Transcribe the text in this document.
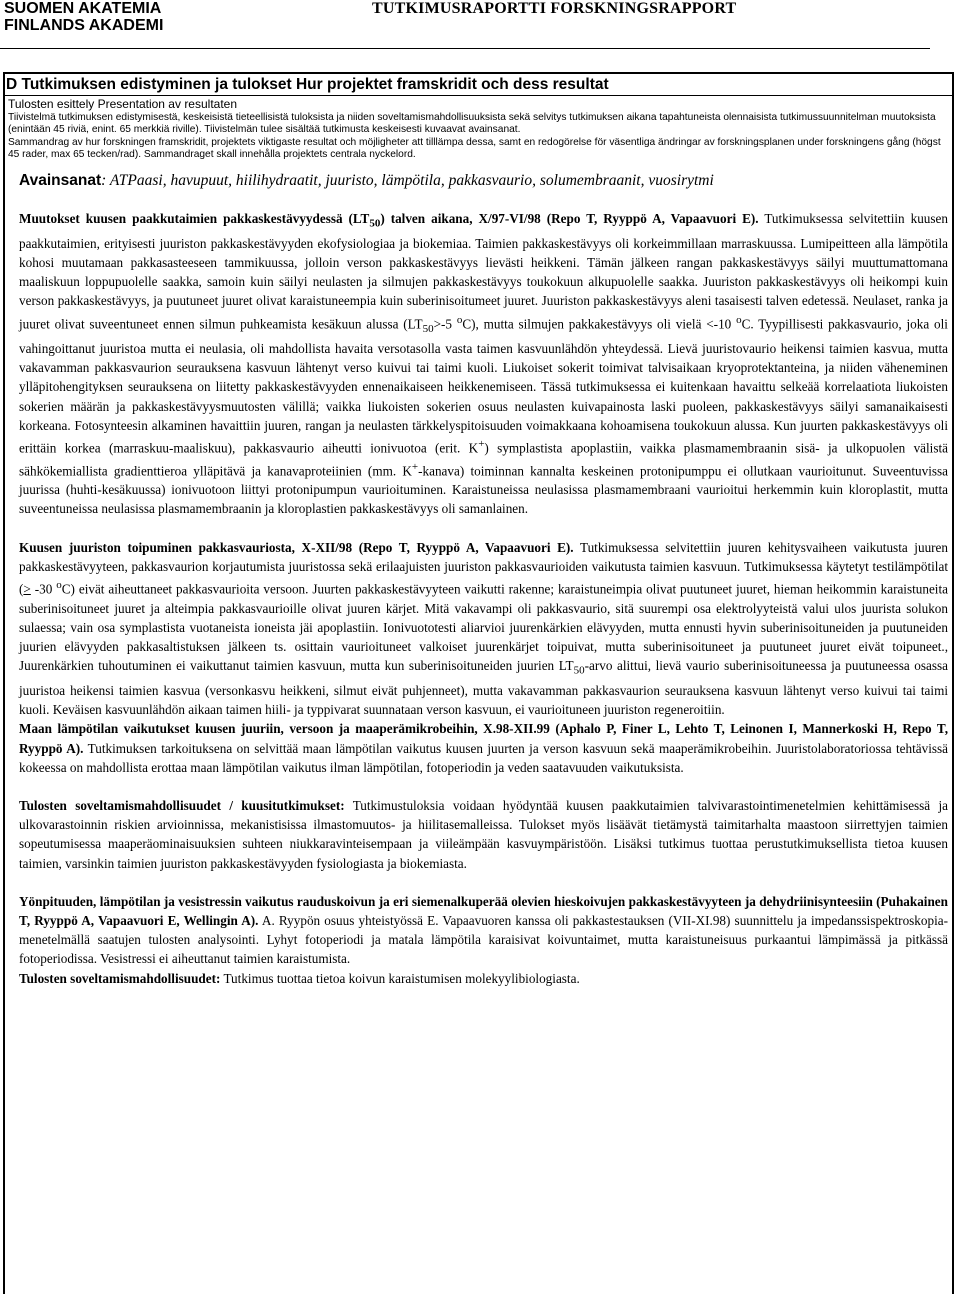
SUOMEN AKATEMIA
FINLANDS AKADEMI
TUTKIMUSRAPORTTI FORSKNINGSRAPPORT
D Tutkimuksen edistyminen ja tulokset Hur projektet framskridit och dess resultat

Tulosten esittely Presentation av resultaten

Tiivistelmä tutkimuksen edistymisestä, keskeisistä tieteellisistä tuloksista ja niiden soveltamismahdollisuuksista sekä selvitys tutkimuksen aikana tapahtuneista olennaisista tutkimussuunnitelman muutoksista (enintään 45 riviä, enint. 65 merkkiä riville). Tiivistelmän tulee sisältää tutkimusta keskeisesti kuvaavat avainsanat.

Sammandrag av hur forskningen framskridit, projektets viktigaste resultat och möjligheter att tilllämpa dessa, samt en redogörelse för väsentliga ändringar av forskningsplanen under forskningens gång (högst 45 rader, max 65 tecken/rad). Sammandraget skall innehålla projektets centrala nyckelord.

Avainsanat: ATPaasi, havupuut, hiilihydraatit, juuristo, lämpötila, pakkasvaurio, solumembraanit, vuosirytmi

Muutokset kuusen paakkutaimien pakkaskestävyydessä $(LT_{50})$ talven aikana, X/97-VI/98 (Repo T, Ryyppö A, Vapaavuori E). Tutkimuksessa selvitettiin kuusen paakkutaimien, erityisesti juuriston pakkaskestävyyden ekofysiologiaa ja biokemiaa. Taimien pakkaskestävyys oli korkeimmillaan marraskuussa. Lumipeitteen alla lämpötila kohosi muutamaan pakkasasteeseen tammikuussa, jolloin verson pakkaskestävyys lievästi heikkeni. Tämän jälkeen rangan pakkaskestävyys säilyi muuttumattomana maaliskuun loppupuolelle saakka, samoin kuin säilyi neulasten ja silmujen pakkaskestävyys toukokuun alkupuolelle saakka. Juuriston pakkaskestävyys oli heikompi kuin verson pakkaskestävyys, ja puutuneet juuret olivat karaistuneempia kuin suberinisoitumeet juuret. Juuriston pakkaskestävyys aleni tasaisesti talven edetessä. Neulaset, ranka ja juuret olivat suveentuneet ennen silmun puhkeamista kesäkuun alussa ($LT_{50}>-5$ $^o$C), mutta silmujen pakkakestävyys oli vielä <-10 $^o$C. Tyypillisesti pakkasvaurio, joka oli vahingoittanut juuristoa mutta ei neulasia, oli mahdollista havaita versotasolla vasta taimen kasvuunlähdön yhteydessä. Lievä juuristovaurio heikensi taimien kasvua, mutta vakavamman pakkasvaurion seurauksena kasvuun lähtenyt verso kuivui tai taimi kuoli. Liukoiset sokerit toimivat talvisaikaan kryoprotektanteina, ja niiden väheneminen ylläpitohengityksen seurauksena on liitetty pakkaskestävyyden ennenaikaiseen heikkenemiseen. Tässä tutkimuksessa ei kuitenkaan havaittu selkeää korrelaatiota liukoisten sokerien määrän ja pakkaskestävyysmuutosten välillä; vaikka liukoisten sokerien osuus neulasten kuivapainosta laski puoleen, pakkaskestävyys säilyi samanaikaisesti korkeana. Fotosynteesin alkaminen havaittiin juuren, rangan ja neulasten tärkkelyspitoisuuden voimakkaana kohoamisena toukokuun alussa. Kun juurten pakkaskestävyys oli erittäin korkea (marraskuu-maaliskuu), pakkasvaurio aiheutti ionivuotoa (erit. K+) symplastista apoplastiin, vaikka plasmamembraanin sisä- ja ulkopuolen välistä sähkökemiallista gradienttieroa ylläpitävä ja kanavaproteiinien (mm. K+-kanava) toiminnan kannalta keskeinen protonipumppu ei ollutkaan vaurioitunut. Suveentuvissa juurissa (huhti-kesäkuussa) ionivuotoon liittyi protonipumpun vaurioituminen. Karaistuneissa neulasissa plasmamembraani vaurioitui herkemmin kuin kloroplastit, mutta suveentuneissa neulasissa plasmamembraanin ja kloroplastien pakkaskestävyys oli samanlainen.

Kuusen juuriston toipuminen pakkasvauriosta, X-XII/98 (Repo T, Ryyppö A, Vapaavuori E). Tutkimuksessa selvitettiin juuren kehitysvaiheen vaikutusta juuren pakkaskestävyyteen, pakkasvaurion korjautumista juuristossa sekä erilaajuisten juuriston pakkasvaurioiden vaikutusta taimien kasvuun. Tutkimuksessa käytetyt testilämpötilat (≥ -30 $^o$C) eivät aiheuttaneet pakkasvaurioita versoon. Juurten pakkaskestävyyteen vaikutti rakenne; karaistuneimpia olivat puutuneet juuret, hieman heikommin karaistuneita suberinisoituneet juuret ja alteimpia pakkasvaurioille olivat juuren kärjet. Mitä vakavampi oli pakkasvaurio, sitä suurempi osa elektrolyyteistä valui ulos juurista solukon sulaessa; vain osa symplastista vuotaneista ioneista jäi apoplastiin. Ionivuototesti aliarvioi juurenkärkien elävyyden, mutta ennusti hyvin suberinisoituneiden ja puutuneiden juurien elävyyden pakkasaltistuksen jälkeen ts. osittain vaurioituneet valkoiset juurenkärjet toipuivat, mutta suberinisoituneet ja puutuneet juuret eivät toipuneet., Juurenkärkien tuhoutuminen ei vaikuttanut taimien kasvuun, mutta kun suberinisoituneiden juurien $LT_{50}$-arvo alittui, lievä vaurio suberinisoituneessa ja puutuneessa osassa juuristoa heikensi taimien kasvua (versonkasvu heikkeni, silmut eivät puhjenneet), mutta vakavamman pakkasvaurion seurauksena kasvuun lähtenyt verso kuivui tai taimi kuoli. Keväisen kasvuunlähdön aikaan taimen hiili- ja typpivarat suunnataan verson kasvuun, ei vaurioituneen juuriston regeneroitiin.

Maan lämpötilan vaikutukset kuusen juuriin, versoon ja maaperämikrobeihin, X.98-XII.99 (Aphalo P, Finer L, Lehto T, Leinonen I, Mannerkoski H, Repo T, Ryyppö A). Tutkimuksen tarkoituksena on selvittää maan lämpötilan vaikutus kuusen juurten ja verson kasvuun sekä maaperämikrobeihin. Juuristolaboratoriossa tehtävissä kokeessa on mahdollista erottaa maan lämpötilan vaikutus ilman lämpötilan, fotoperiodin ja veden saatavuuden vaikutuksista.

Tulosten soveltamismahdollisuudet / kuusitutkimukset: Tutkimustuloksia voidaan hyödyntää kuusen paakkutaimien talvivarastointimenetelmien kehittämisessä ja ulkovarastoinnin riskien arvioinnissa, mekanistisissa ilmastomuutos- ja hiilitasemalleissa. Tulokset myös lisäävät tietämystä taimitarhalta maastoon siirrettyjen taimien sopeutumisessa maaperäominaisuuksien suhteen niukkaravinteisempaan ja viileämpään kasvuympäristöön. Lisäksi tutkimus tuottaa perustutkimuksellista tietoa kuusen taimien, varsinkin taimien juuriston pakkaskestävyyden fysiologiasta ja biokemiasta.

Yönpituuden, lämpötilan ja vesistressin vaikutus rauduskoivun ja eri siemenalkuperää olevien hieskoivujen pakkaskestävyyteen ja dehydriinisynteesiin (Puhakainen T, Ryyppö A, Vapaavuori E, Wellingin A). A. Ryypön osuus yhteistyössä E. Vapaavuoren kanssa oli pakkastestauksen (VII-XI.98) suunnittelu ja impedanssispektroskopia-menetelmällä saatujen tulosten analysointi. Lyhyt fotoperiodi ja matala lämpötila karaisivat koivuntaimet, mutta karaistuneisuus purkaantui lämpimässä ja pitkässä fotoperiodissa. Vesistressi ei aiheuttanut taimien karaistumista.

Tulosten soveltamismahdollisuudet: Tutkimus tuottaa tietoa koivun karaistumisen molekyylibiologiasta.
